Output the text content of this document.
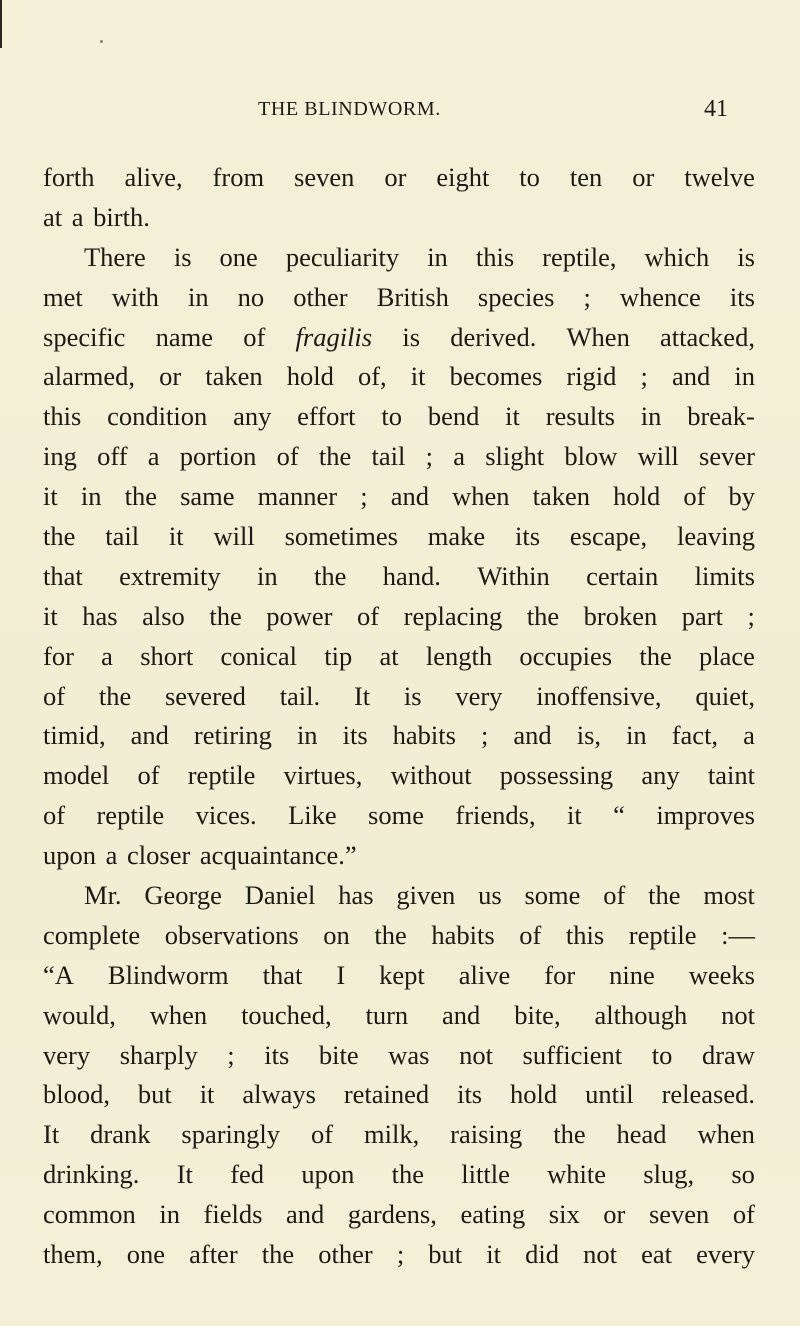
THE BLINDWORM.	41
forth alive, from seven or eight to ten or twelve
at
a
birth.
There is one peculiarity in this reptile, which is
met with in no other British species ; whence its
specific name of fragilis is derived. When attacked,
alarmed, or taken hold of, it becomes rigid ; and in
this condition any effort to bend it results in break-
ing off a portion of the tail ; a slight blow will sever
it in the same manner ; and when taken hold of by
the tail it will sometimes make its escape, leaving
that extremity in the hand. Within certain limits
it has also the power of replacing the broken part ;
for a short conical tip at length occupies the place
of the severed tail. It is very inoffensive, quiet,
timid, and retiring in its habits ; and is, in fact, a
model of reptile virtues, without possessing any taint
of reptile vices. Like some friends, it “ improves
upon
a
closer
acquaintance.”
Mr. George Daniel has given us some of the most
complete observations on the habits of this reptile :—
“A Blindworm that I kept alive for nine weeks
would, when touched, turn and bite, although not
very sharply ; its bite was not sufficient to draw
blood, but it always retained its hold until released.
It drank sparingly of milk, raising the head when
drinking. It fed upon the little white slug, so
common in fields and gardens, eating six or seven of
them, one after the other ; but it did not eat every
